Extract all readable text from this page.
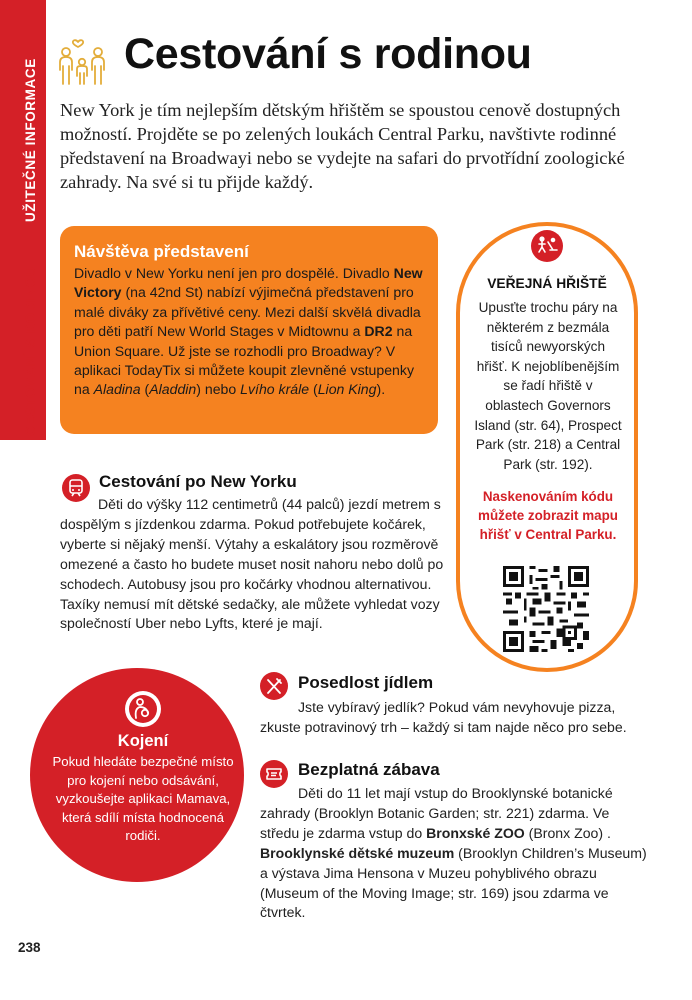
UŽITEČNÉ INFORMACE
CESTOVÁNÍ S RODINOU
Cestování s rodinou

New York je tím nejlepším dětským hřištěm se spoustou cenově dostupných možností. Projděte se po zelených loukách Central Parku, navštivte rodinné představení na Broadwayi nebo se vydejte na safari do prvotřídní zoologické zahrady. Na své si tu přijde každý.

Návštěva představení

Divadlo v New Yorku není jen pro dospělé. Divadlo New Victory (na 42nd St) nabízí výjimečná představení pro malé diváky za přívětivé ceny. Mezi další skvělá divadla pro děti patří New World Stages v Midtownu a DR2 na Union Square. Už jste se rozhodli pro Broadway? V aplikaci TodayTix si můžete koupit zlevněné vstupenky na Aladina (Aladdin) nebo Lvího krále (Lion King).

VEŘEJNÁ HŘIŠTĚ

Upusťte trochu páry na některém z bezmála tisíců newyorských hřišť. K nejoblíbenějším se řadí hřiště v oblastech Governors Island (str. 64), Prospect Park (str. 218) a Central Park (str. 192).

Naskenováním kódu můžete zobrazit mapu hřišť v Central Parku.

Cestování po New Yorku

Děti do výšky 112 centimetrů (44 palců) jezdí metrem s dospělým s jízdenkou zdarma. Pokud potřebujete kočárek, vyberte si nějaký menší. Výtahy a eskalátory jsou rozměrově omezené a často ho budete muset nosit nahoru nebo dolů po schodech. Autobusy jsou pro kočárky vhodnou alternativou. Taxíky nemusí mít dětské sedačky, ale můžete vyhledat vozy společností Uber nebo Lyfts, které je mají.

Kojení

Pokud hledáte bezpečné místo pro kojení nebo odsávání, vyzkoušejte aplikaci Mamava, která sdílí místa hodnocená rodiči.

Posedlost jídlem

Jste vybíravý jedlík? Pokud vám nevyhovuje pizza, zkuste potravinový trh – každý si tam najde něco pro sebe.

Bezplatná zábava

Děti do 11 let mají vstup do Brooklynské botanické zahrady (Brooklyn Botanic Garden; str. 221) zdarma. Ve středu je zdarma vstup do Bronxské ZOO (Bronx Zoo) . Brooklynské dětské muzeum (Brooklyn Children’s Museum) a výstava Jima Hensona v Muzeu pohyblivého obrazu (Museum of the Moving Image; str. 169) jsou zdarma ve čtvrtek.

238
